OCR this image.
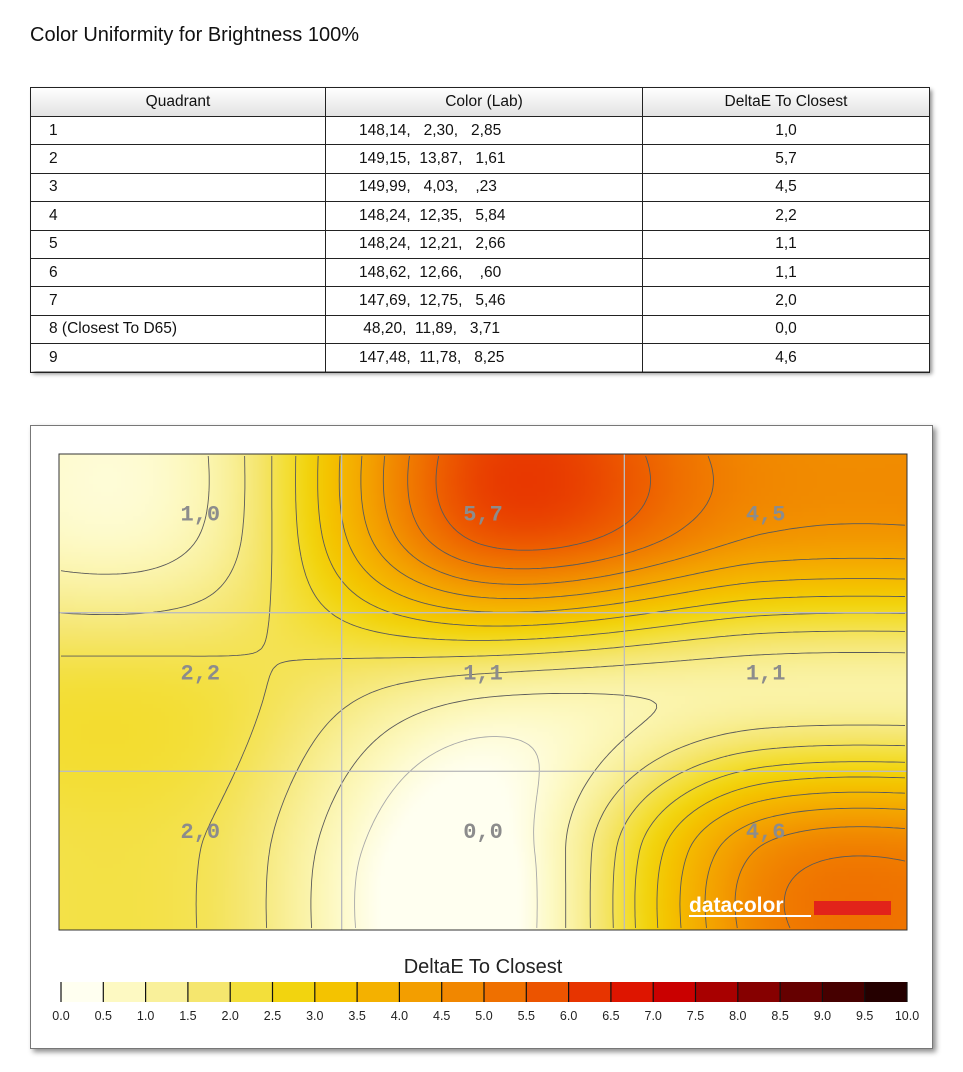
Color Uniformity for Brightness 100%
Quadrant	Color (Lab)	DeltaE To Closest
1	148,14,   2,30,   2,85	1,0
2	149,15,  13,87,   1,61	5,7
3	149,99,   4,03,    ,23	4,5
4	148,24,  12,35,   5,84	2,2
5	148,24,  12,21,   2,66	1,1
6	148,62,  12,66,    ,60	1,1
7	147,69,  12,75,   5,46	2,0
8 (Closest To D65)	48,20,  11,89,   3,71	0,0
9	147,48,  11,78,   8,25	4,6
1,0	5,7	4,5
2,2	1,1	1,1
2,0	0,0	4,6
datacolor
DeltaE To Closest
0.0 0.5 1.0 1.5 2.0 2.5 3.0 3.5 4.0 4.5 5.0 5.5 6.0 6.5 7.0 7.5 8.0 8.5 9.0 9.5 10.0
